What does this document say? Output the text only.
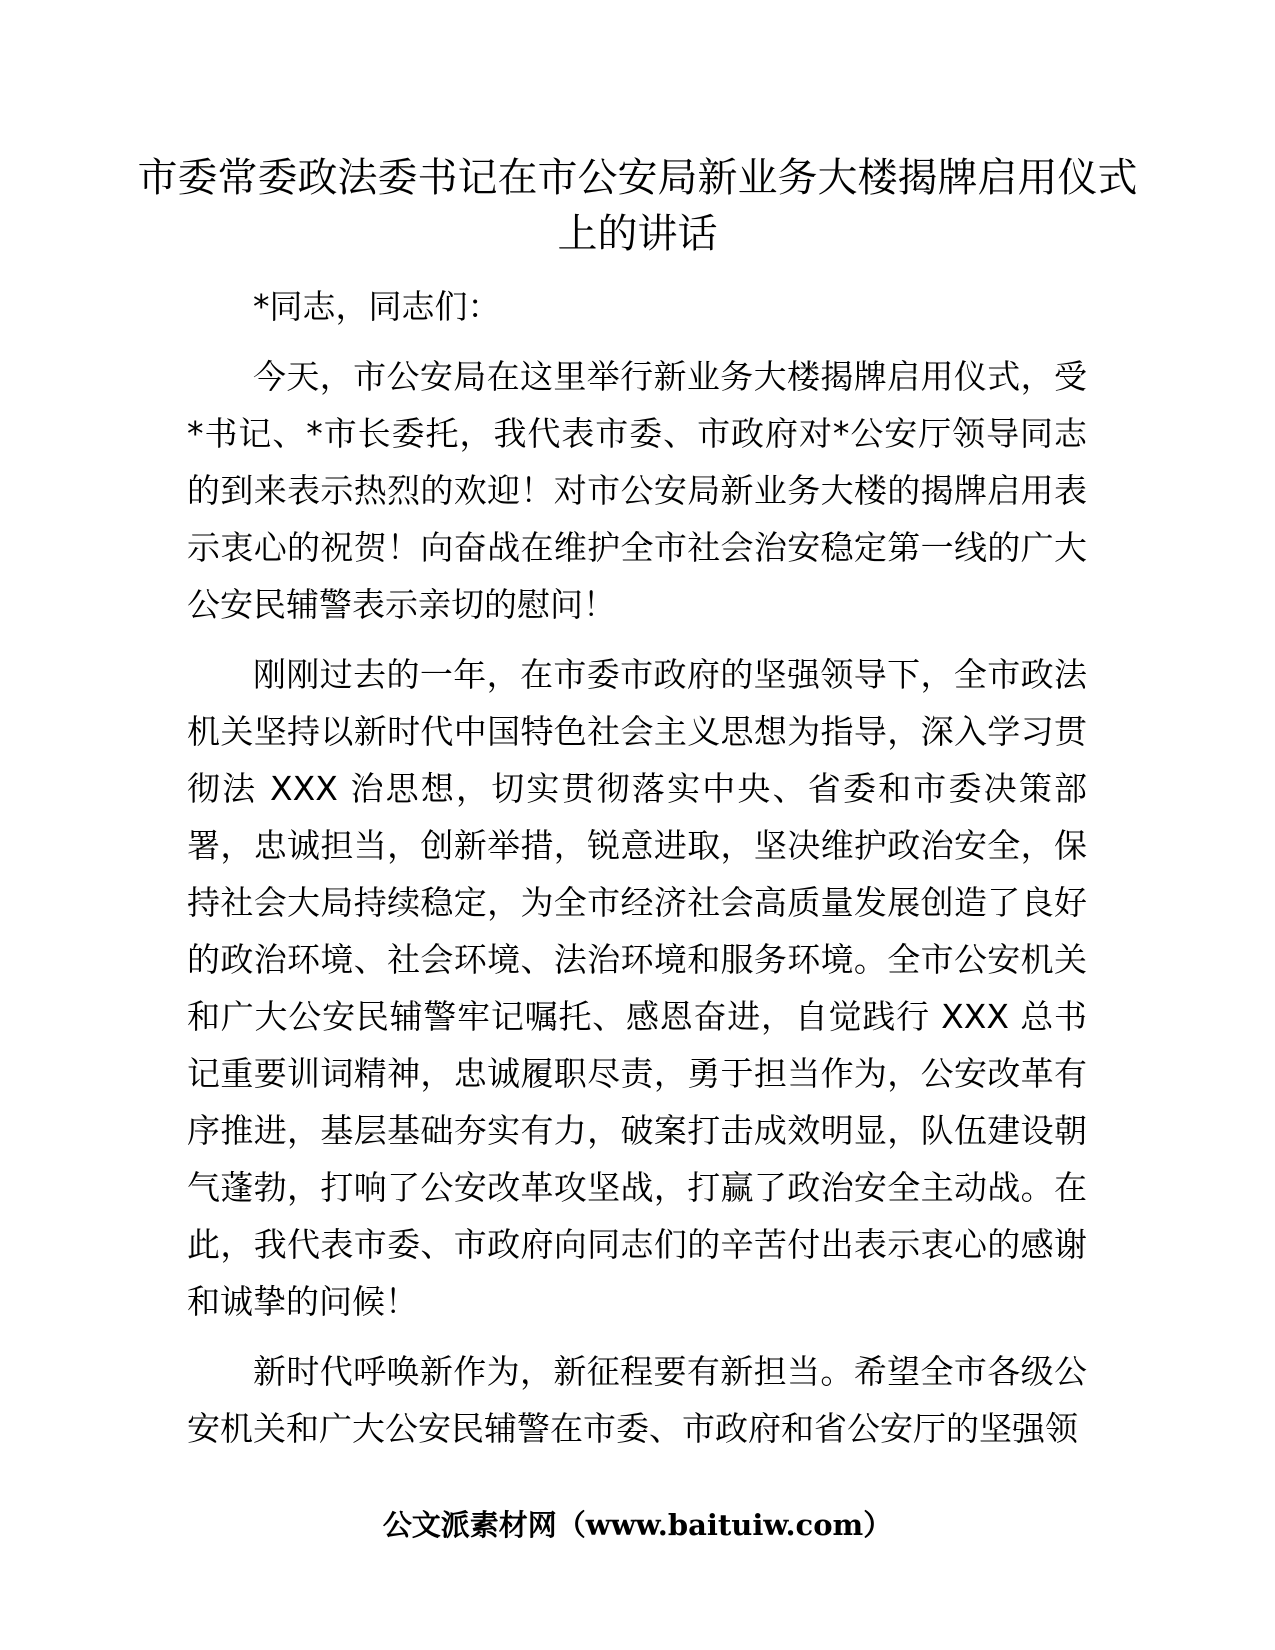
市委常委政法委书记在市公安局新业务大楼揭牌启用仪式上的讲话

*同志，同志们：

今天，市公安局在这里举行新业务大楼揭牌启用仪式，受*书记、*市长委托，我代表市委、市政府对*公安厅领导同志的到来表示热烈的欢迎！对市公安局新业务大楼的揭牌启用表示衷心的祝贺！向奋战在维护全市社会治安稳定第一线的广大公安民辅警表示亲切的慰问！

刚刚过去的一年，在市委市政府的坚强领导下，全市政法机关坚持以新时代中国特色社会主义思想为指导，深入学习贯彻法 XXX 治思想，切实贯彻落实中央、省委和市委决策部署，忠诚担当，创新举措，锐意进取，坚决维护政治安全，保持社会大局持续稳定，为全市经济社会高质量发展创造了良好的政治环境、社会环境、法治环境和服务环境。全市公安机关和广大公安民辅警牢记嘱托、感恩奋进，自觉践行 XXX 总书记重要训词精神，忠诚履职尽责，勇于担当作为，公安改革有序推进，基层基础夯实有力，破案打击成效明显，队伍建设朝气蓬勃，打响了公安改革攻坚战，打赢了政治安全主动战。在此，我代表市委、市政府向同志们的辛苦付出表示衷心的感谢和诚挚的问候！

新时代呼唤新作为，新征程要有新担当。希望全市各级公安机关和广大公安民辅警在市委、市政府和省公安厅的坚强领

公文派素材网（www.baituiw.com）
